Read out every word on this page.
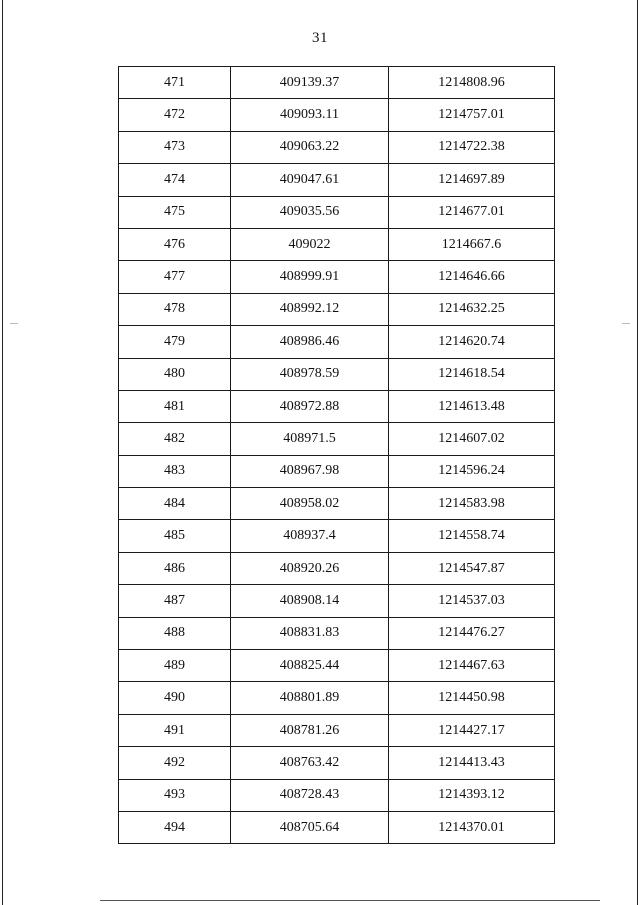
31
471	409139.37	1214808.96
472	409093.11	1214757.01
473	409063.22	1214722.38
474	409047.61	1214697.89
475	409035.56	1214677.01
476	409022	1214667.6
477	408999.91	1214646.66
478	408992.12	1214632.25
479	408986.46	1214620.74
480	408978.59	1214618.54
481	408972.88	1214613.48
482	408971.5	1214607.02
483	408967.98	1214596.24
484	408958.02	1214583.98
485	408937.4	1214558.74
486	408920.26	1214547.87
487	408908.14	1214537.03
488	408831.83	1214476.27
489	408825.44	1214467.63
490	408801.89	1214450.98
491	408781.26	1214427.17
492	408763.42	1214413.43
493	408728.43	1214393.12
494	408705.64	1214370.01
